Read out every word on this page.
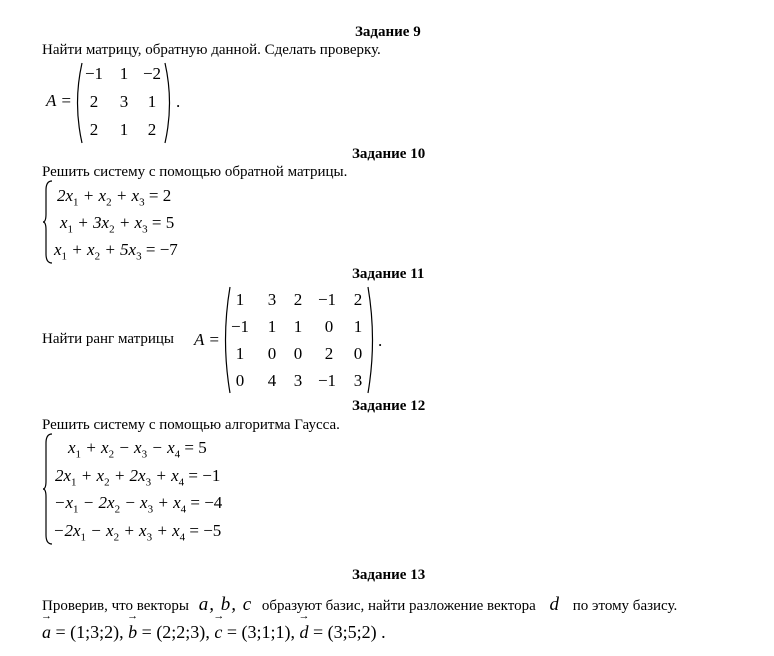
Задание 9
Найти матрицу, обратную данной. Сделать проверку.
A =
−1 1 −2
2	3	1
2	1	2
.
Задание 10
Решить систему с помощью обратной матрицы.
$2x_1 + x_2 + x_3 = 2$
$x_1 + 3x_2 + x_3 = 5$
$x_1 + x_2 + 5x_3 = -7$
Задание 11
Найти ранг матрицы A =
1	3	2 −1	2
−1	1	1	0	1
1	0	0	2	0
0	4	3 −1	3
.
Задание 12
Решить систему с помощью алгоритма Гаусса.
$x_1 + x_2 - x_3 - x_4 = 5$
$2x_1 + x_2 + 2x_3 + x_4 = -1$
$-x_1 - 2x_2 - x_3 + x_4 = -4$
$-2x_1 - x_2 + x_3 + x_4 = -5$
Задание 13
Проверив, что векторы a, b, c образуют базис, найти разложение вектора d по этому базису.
→ a = (1;3;2), → b = (2;2;3), → c = (3;1;1), → d = (3;5;2) .
